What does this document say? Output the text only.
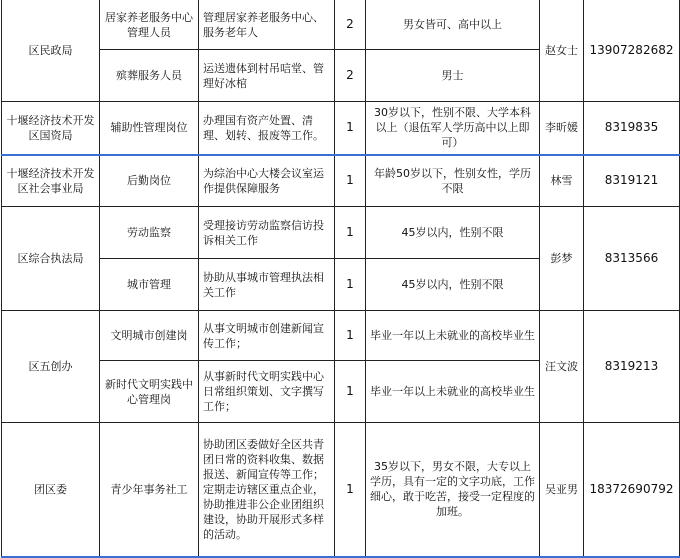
区民政局	居家养老服务中心管理人员	管理居家养老服务中心、服务老年人	2	男女皆可、高中以上	赵女士	13907282682
	殡葬服务人员	运送遗体到村吊唁堂、管理好冰棺	2	男士		
十堰经济技术开发区国资局	辅助性管理岗位	办理国有资产处置、清理、划转、报废等工作。	1	30岁以下，性别不限、大学本科以上（退伍军人学历高中以上即可）	李昕媛	8319835
十堰经济技术开发区社会事业局	后勤岗位	为综治中心大楼会议室运作提供保障服务	1	年龄50岁以下，性别女性，学历不限	林雪	8319121
区综合执法局	劳动监察	受理接访劳动监察信访投诉相关工作	1	45岁以内，性别不限	彭梦	8313566
	城市管理	协助从事城市管理执法相关工作	1	45岁以内，性别不限		
区五创办	文明城市创建岗	从事文明城市创建新闻宣传工作；	1	毕业一年以上未就业的高校毕业生	汪文波	8319213
	新时代文明实践中心管理岗	从事新时代文明实践中心日常组织策划、文字撰写工作；	1	毕业一年以上未就业的高校毕业生		
团区委	青少年事务社工	协助团区委做好全区共青团日常的资料收集、数据报送、新闻宣传等工作；定期走访辖区重点企业，协助推进非公企业团组织建设，协助开展形式多样的活动。	1	35岁以下，男女不限，大专以上学历，具有一定的文字功底，工作细心，敢于吃苦，接受一定程度的加班。	吴亚男	18372690792
